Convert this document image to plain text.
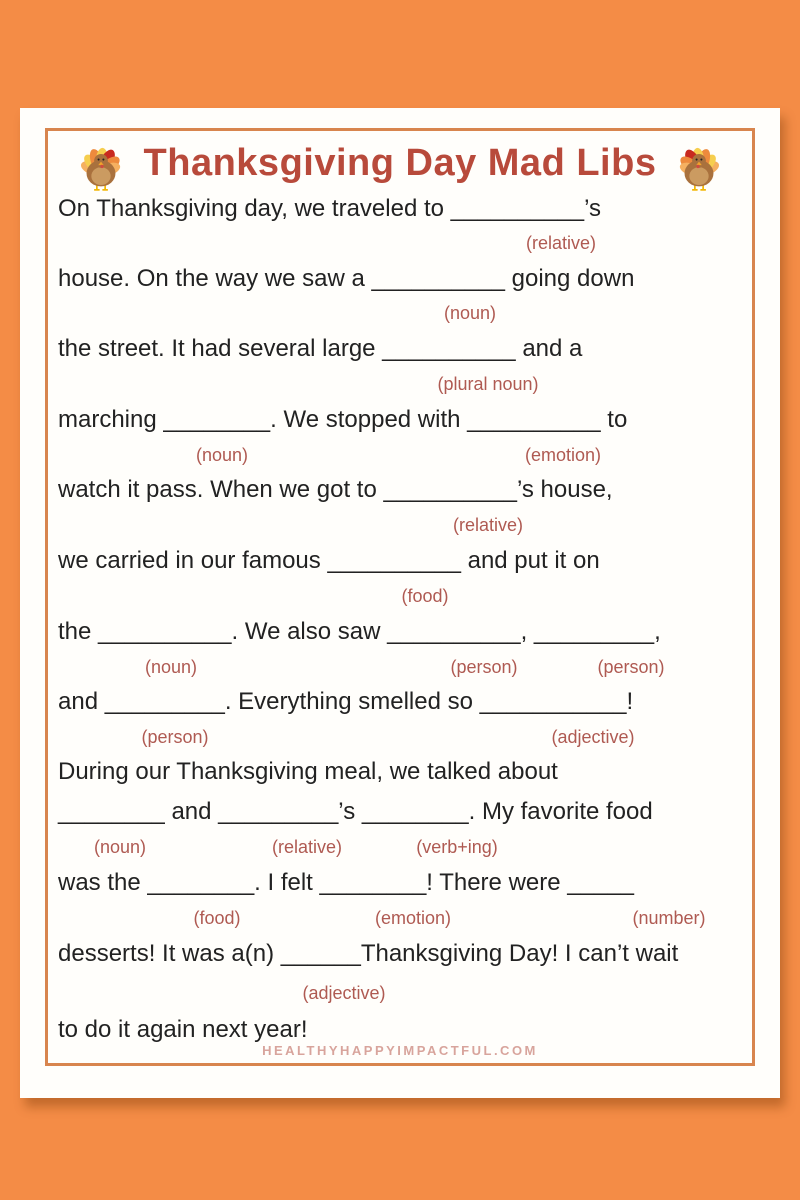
Thanksgiving Day Mad Libs
On Thanksgiving day, we traveled to __________’s
house. On the way we saw a __________ going down
the street. It had several large __________ and a
marching ________. We stopped with __________ to
watch it pass. When we got to __________’s house,
we carried in our famous __________ and put it on
the __________. We also saw __________, _________,
and _________. Everything smelled so ___________!
During our Thanksgiving meal, we talked about
________ and _________’s ________. My favorite food
was the ________. I felt ________! There were _____
desserts! It was a(n) ______Thanksgiving Day! I can’t wait
to do it again next year!
(relative)
(noun)
(plural noun)
(noun)	(emotion)
(relative)
(food)
(noun)	(person)	(person)
(person)	(adjective)
(noun)	(relative)	(verb+ing)
(food)	(emotion)	(number)
(adjective)
HEALTHYHAPPYIMPACTFUL.COM
